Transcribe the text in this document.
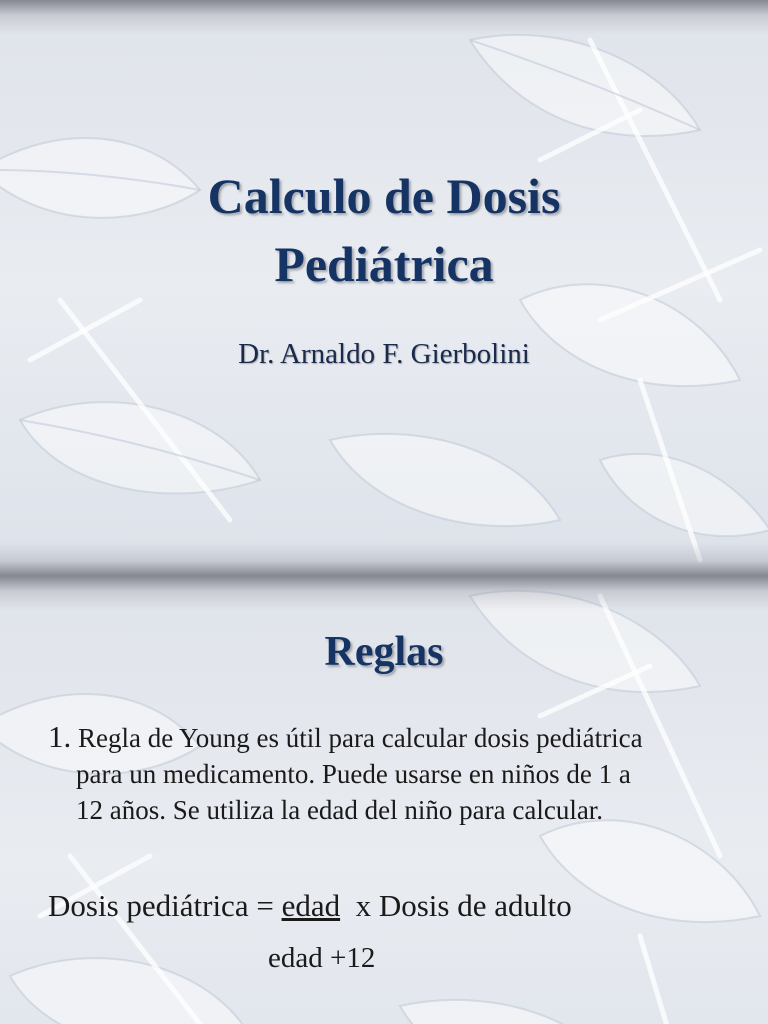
Calculo de Dosis
Pediátrica
Dr. Arnaldo F. Gierbolini
Reglas
1. Regla de Young es útil para calcular dosis pediátrica
para un medicamento. Puede usarse en niños de 1 a
12 años. Se utiliza la edad del niño para calcular.
Dosis pediátrica = edad  x Dosis de adulto
edad +12
